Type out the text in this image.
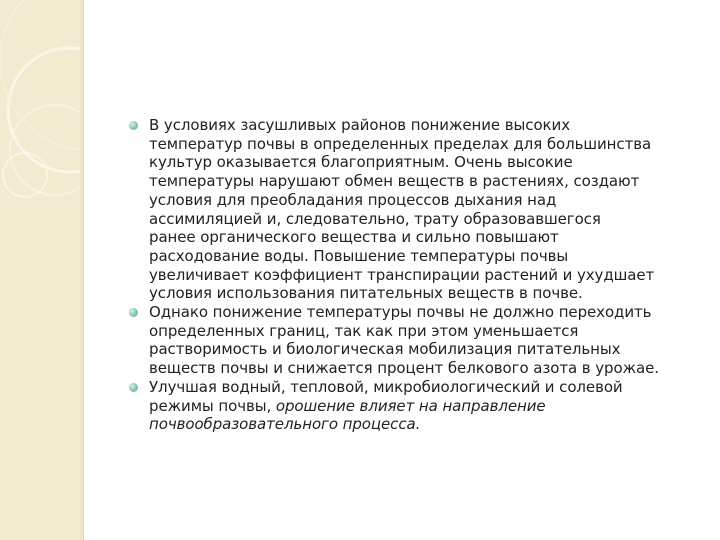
В условиях засушливых районов понижение высоких
температур почвы в определенных пределах для большинства
культур оказывается благоприятным. Очень высокие
температуры нарушают обмен веществ в растениях, создают
условия для преобладания процессов дыхания над
ассимиляцией и, следовательно, трату образовавшегося
ранее органического вещества и сильно повышают
расходование воды. Повышение температуры почвы
увеличивает коэффициент транспирации растений и ухудшает
условия использования питательных веществ в почве.
Однако понижение температуры почвы не должно переходить
определенных границ, так как при этом уменьшается
растворимость и биологическая мобилизация питательных
веществ почвы и снижается процент белкового азота в урожае.
Улучшая водный, тепловой, микробиологический и солевой
режимы почвы, орошение влияет на направление
почвообразовательного процесса.
